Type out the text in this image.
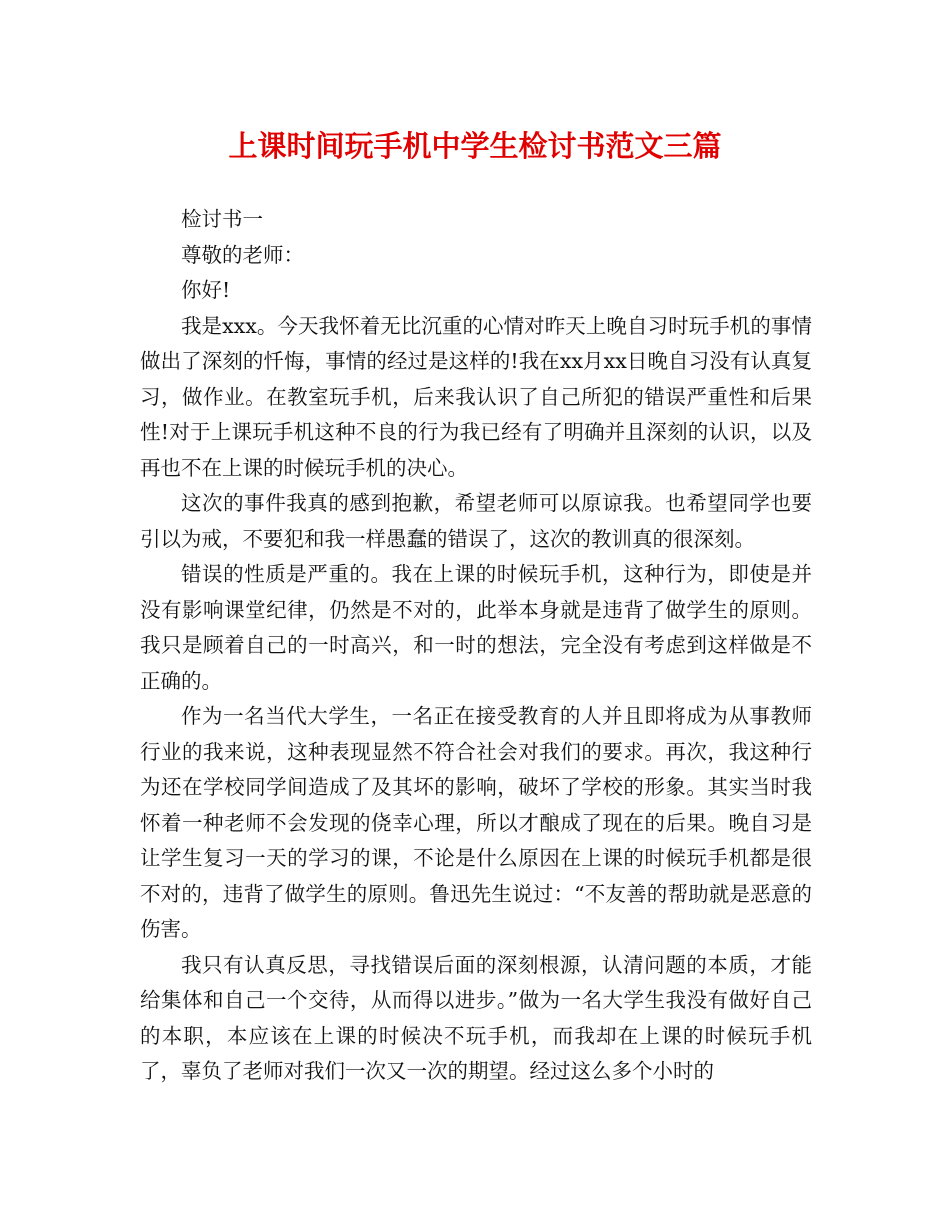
上课时间玩手机中学生检讨书范文三篇

检讨书一

尊敬的老师：

你好!

我是xxx。今天我怀着无比沉重的心情对昨天上晚自习时玩手机的事情做出了深刻的忏悔，事情的经过是这样的!我在xx月xx日晚自习没有认真复习，做作业。在教室玩手机，后来我认识了自己所犯的错误严重性和后果性!对于上课玩手机这种不良的行为我已经有了明确并且深刻的认识，以及再也不在上课的时候玩手机的决心。

这次的事件我真的感到抱歉，希望老师可以原谅我。也希望同学也要引以为戒，不要犯和我一样愚蠢的错误了，这次的教训真的很深刻。

错误的性质是严重的。我在上课的时候玩手机，这种行为，即使是并没有影响课堂纪律，仍然是不对的，此举本身就是违背了做学生的原则。我只是顾着自己的一时高兴，和一时的想法，完全没有考虑到这样做是不正确的。

作为一名当代大学生，一名正在接受教育的人并且即将成为从事教师行业的我来说，这种表现显然不符合社会对我们的要求。再次，我这种行为还在学校同学间造成了及其坏的影响，破坏了学校的形象。其实当时我怀着一种老师不会发现的侥幸心理，所以才酿成了现在的后果。晚自习是让学生复习一天的学习的课，不论是什么原因在上课的时候玩手机都是很不对的，违背了做学生的原则。鲁迅先生说过：“不友善的帮助就是恶意的伤害。

我只有认真反思，寻找错误后面的深刻根源，认清问题的本质，才能给集体和自己一个交待，从而得以进步。”做为一名大学生我没有做好自己的本职，本应该在上课的时候决不玩手机，而我却在上课的时候玩手机了，辜负了老师对我们一次又一次的期望。经过这么多个小时的
